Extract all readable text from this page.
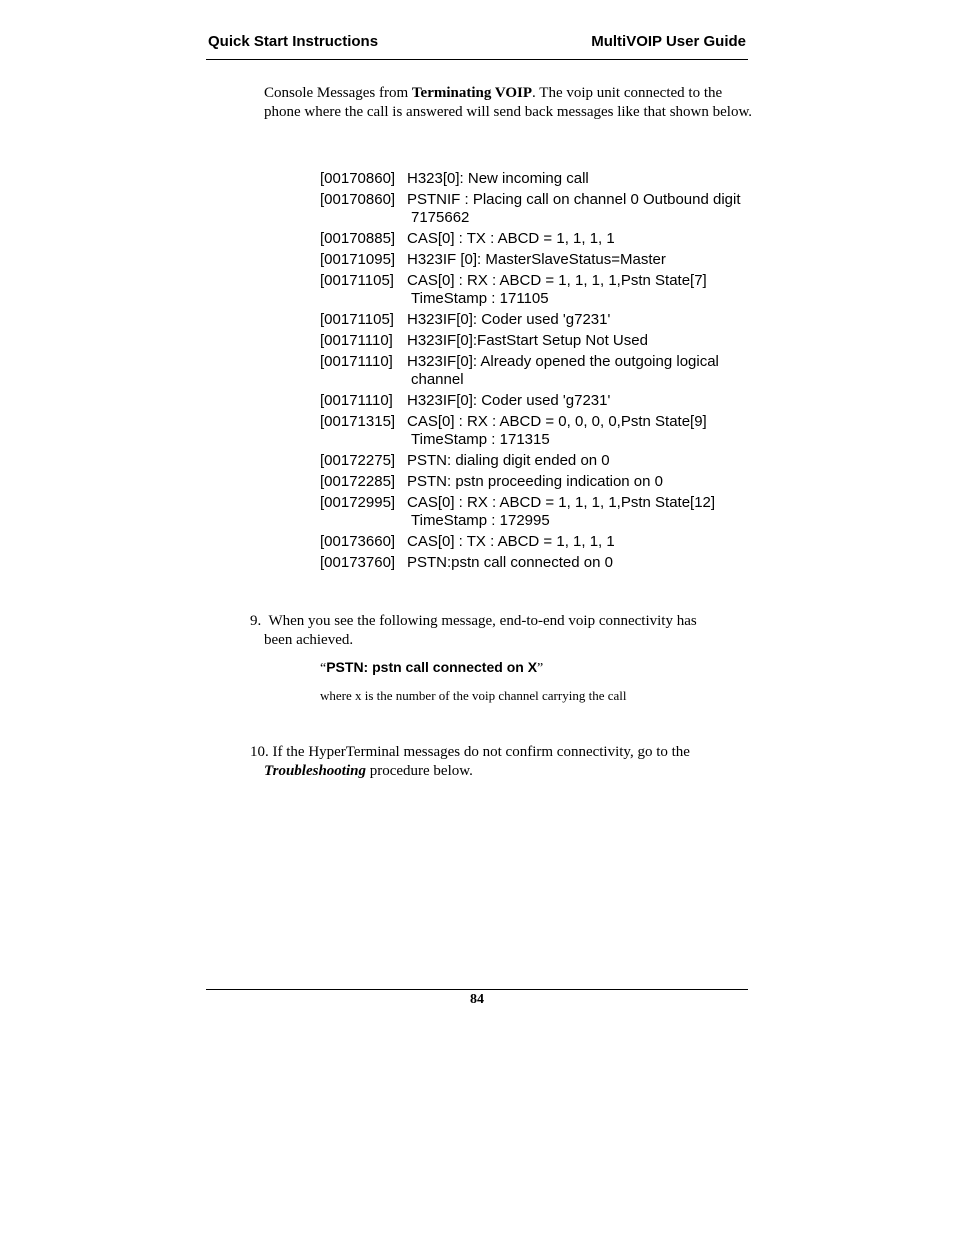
Quick Start Instructions	MultiVOIP User Guide
Console Messages from Terminating VOIP. The voip unit connected to the phone where the call is answered will send back messages like that shown below.
[00170860] H323[0]: New incoming call
[00170860] PSTNIF : Placing call on channel 0 Outbound digit 7175662
[00170885] CAS[0] : TX : ABCD = 1, 1, 1, 1
[00171095] H323IF [0]: MasterSlaveStatus=Master
[00171105] CAS[0] : RX : ABCD = 1, 1, 1, 1,Pstn State[7] TimeStamp : 171105
[00171105] H323IF[0]: Coder used 'g7231'
[00171110] H323IF[0]:FastStart Setup Not Used
[00171110] H323IF[0]: Already opened the outgoing logical channel
[00171110] H323IF[0]: Coder used 'g7231'
[00171315] CAS[0] : RX : ABCD = 0, 0, 0, 0,Pstn State[9] TimeStamp : 171315
[00172275] PSTN: dialing digit ended on 0
[00172285] PSTN: pstn proceeding indication on 0
[00172995] CAS[0] : RX : ABCD = 1, 1, 1, 1,Pstn State[12] TimeStamp : 172995
[00173660] CAS[0] : TX : ABCD = 1, 1, 1, 1
[00173760] PSTN:pstn call connected on 0
9. When you see the following message, end-to-end voip connectivity has
been achieved.
“PSTN: pstn call connected on X”
where x is the number of the voip channel carrying the call
10. If the HyperTerminal messages do not confirm connectivity, go to the
Troubleshooting procedure below.
84
